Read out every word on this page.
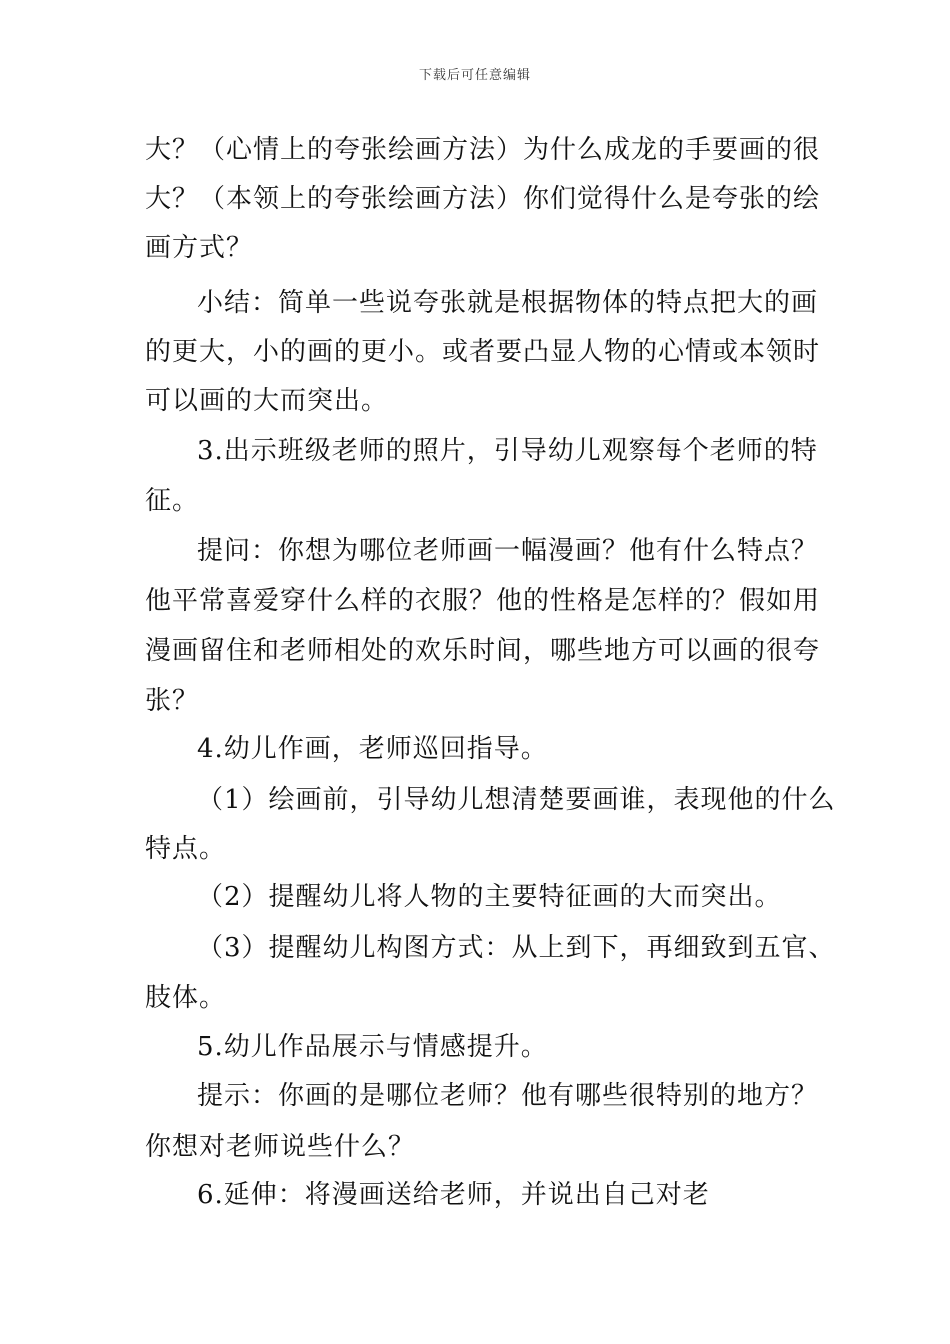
下载后可任意编辑
大？（心情上的夸张绘画方法）为什么成龙的手要画的很
大？（本领上的夸张绘画方法）你们觉得什么是夸张的绘
画方式？
小结：简单一些说夸张就是根据物体的特点把大的画
的更大，小的画的更小。或者要凸显人物的心情或本领时
可以画的大而突出。
3.出示班级老师的照片，引导幼儿观察每个老师的特
征。
提问：你想为哪位老师画一幅漫画？他有什么特点？
他平常喜爱穿什么样的衣服？他的性格是怎样的？假如用
漫画留住和老师相处的欢乐时间，哪些地方可以画的很夸
张？
4.幼儿作画，老师巡回指导。
（1）绘画前，引导幼儿想清楚要画谁，表现他的什么
特点。
（2）提醒幼儿将人物的主要特征画的大而突出。
（3）提醒幼儿构图方式：从上到下，再细致到五官、
肢体。
5.幼儿作品展示与情感提升。
提示：你画的是哪位老师？他有哪些很特别的地方？
你想对老师说些什么？
6.延伸：将漫画送给老师，并说出自己对老
